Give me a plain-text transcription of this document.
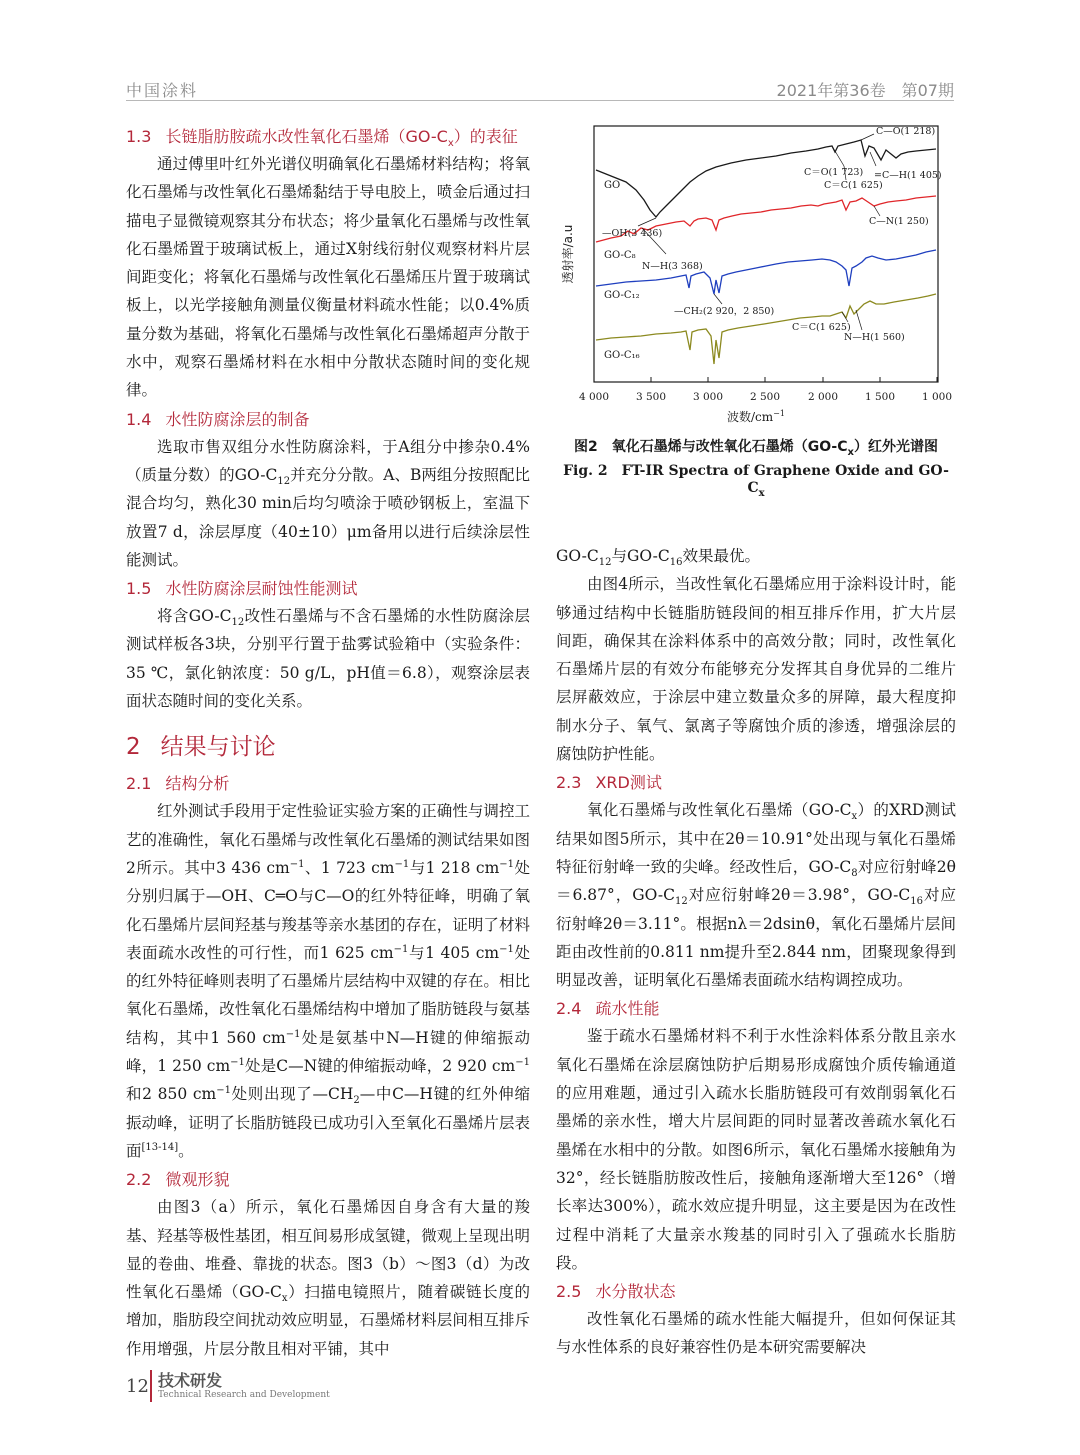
中国涂料	2021年第36卷　第07期
1.3 长链脂肪胺疏水改性氧化石墨烯$(GO-C_x)$的表征

通过傅里叶红外光谱仪明确氧化石墨烯材料结构；将氧化石墨烯与改性氧化石墨烯黏结于导电胶上，喷金后通过扫描电子显微镜观察其分布状态；将少量氧化石墨烯与改性氧化石墨烯置于玻璃试板上，通过X射线衍射仪观察材料片层间距变化；将氧化石墨烯与改性氧化石墨烯压片置于玻璃试板上，以光学接触角测量仪衡量材料疏水性能；以0.4%质量分数为基础，将氧化石墨烯与改性氧化石墨烯超声分散于水中，观察石墨烯材料在水相中分散状态随时间的变化规律。

1.4 水性防腐涂层的制备

选取市售双组分水性防腐涂料，于A组分中掺杂0.4%（质量分数）的$GO-C_{12}$并充分分散。A、B两组分按照配比混合均匀，熟化30 min后均匀喷涂于喷砂钢板上，室温下放置7 d，涂层厚度（40±10）μm备用以进行后续涂层性能测试。

1.5 水性防腐涂层耐蚀性能测试

将含$GO-C_{12}$改性石墨烯与不含石墨烯的水性防腐涂层测试样板各3块，分别平行置于盐雾试验箱中（实验条件：35 ℃，氯化钠浓度：50 g/L，pH值＝6.8），观察涂层表面状态随时间的变化关系。

2 结果与讨论
2.1 结构分析

红外测试手段用于定性验证实验方案的正确性与调控工艺的准确性，氧化石墨烯与改性氧化石墨烯的测试结果如图2所示。其中3 436 $cm^{-1}$、1 723 $cm^{-1}$与1 218 $cm^{-1}$处分别归属于—OH、C═O与C—O的红外特征峰，明确了氧化石墨烯片层间羟基与羧基等亲水基团的存在，证明了材料表面疏水改性的可行性，而1 625 $cm^{-1}$与1 405 $cm^{-1}$处的红外特征峰则表明了石墨烯片层结构中双键的存在。相比氧化石墨烯，改性氧化石墨烯结构中增加了脂肪链段与氨基结构，其中1 560 $cm^{-1}$处是氨基中N—H键的伸缩振动峰，1 250 $cm^{-1}$处是C—N键的伸缩振动峰，2 920 $cm^{-1}$和2 850 $cm^{-1}$处则出现了$—CH_2—$中C—H键的红外伸缩振动峰，证明了长脂肪链段已成功引入至氧化石墨烯片层表面[13-14]。

2.2 微观形貌

由图3（a）所示，氧化石墨烯因自身含有大量的羧基、羟基等极性基团，相互间易形成氢键，微观上呈现出明显的卷曲、堆叠、靠拢的状态。图3（b）～图3（d）为改性氧化石墨烯$(GO-C_x)$扫描电镜照片，随着碳链长度的增加，脂肪段空间扰动效应明显，石墨烯材料层间相互排斥作用增强，片层分散且相对平铺，其中

C—O(1 218)
C＝O(1 723) =C—H(1 405)
C＝C(1 625)
C—N(1 250)
—OH(3 436)
N—H(3 368)
—CH₂(2 920，2 850)
C＝C(1 625)
N—H(1 560)
GO
GO-C₈
GO-C₁₂
GO-C₁₆
4 000	3 500	3 000	2 500	2 000	1 500	1 000
波数$/cm^{-1}$
透射率/a.u
图2　氧化石墨烯与改性氧化石墨烯$(GO-C_x)$红外光谱图
Fig. 2　FT-IR Spectra of Graphene Oxide and $GO-C_x$

$GO-C_{12}$与$GO-C_{16}$效果最优。

由图4所示，当改性氧化石墨烯应用于涂料设计时，能够通过结构中长链脂肪链段间的相互排斥作用，扩大片层间距，确保其在涂料体系中的高效分散；同时，改性氧化石墨烯片层的有效分布能够充分发挥其自身优异的二维片层屏蔽效应，于涂层中建立数量众多的屏障，最大程度抑制水分子、氧气、氯离子等腐蚀介质的渗透，增强涂层的腐蚀防护性能。

2.3 XRD测试

氧化石墨烯与改性氧化石墨烯$(GO-C_x)$的XRD测试结果如图5所示，其中在2θ＝10.91°处出现与氧化石墨烯特征衍射峰一致的尖峰。经改性后，$GO-C_8$对应衍射峰2θ＝6.87°，$GO-C_{12}$对应衍射峰2θ＝3.98°，$GO-C_{16}$对应衍射峰2θ＝3.11°。根据nλ＝2dsinθ，氧化石墨烯片层间距由改性前的0.811 nm提升至2.844 nm，团聚现象得到明显改善，证明氧化石墨烯表面疏水结构调控成功。

2.4 疏水性能

鉴于疏水石墨烯材料不利于水性涂料体系分散且亲水氧化石墨烯在涂层腐蚀防护后期易形成腐蚀介质传输通道的应用难题，通过引入疏水长脂肪链段可有效削弱氧化石墨烯的亲水性，增大片层间距的同时显著改善疏水氧化石墨烯在水相中的分散。如图6所示，氧化石墨烯水接触角为32°，经长链脂肪胺改性后，接触角逐渐增大至126°（增长率达300%），疏水效应提升明显，这主要是因为在改性过程中消耗了大量亲水羧基的同时引入了强疏水长脂肪段。

2.5 水分散状态

改性氧化石墨烯的疏水性能大幅提升，但如何保证其与水性体系的良好兼容性仍是本研究需要解决

12 技术研发
Technical Research and Development
